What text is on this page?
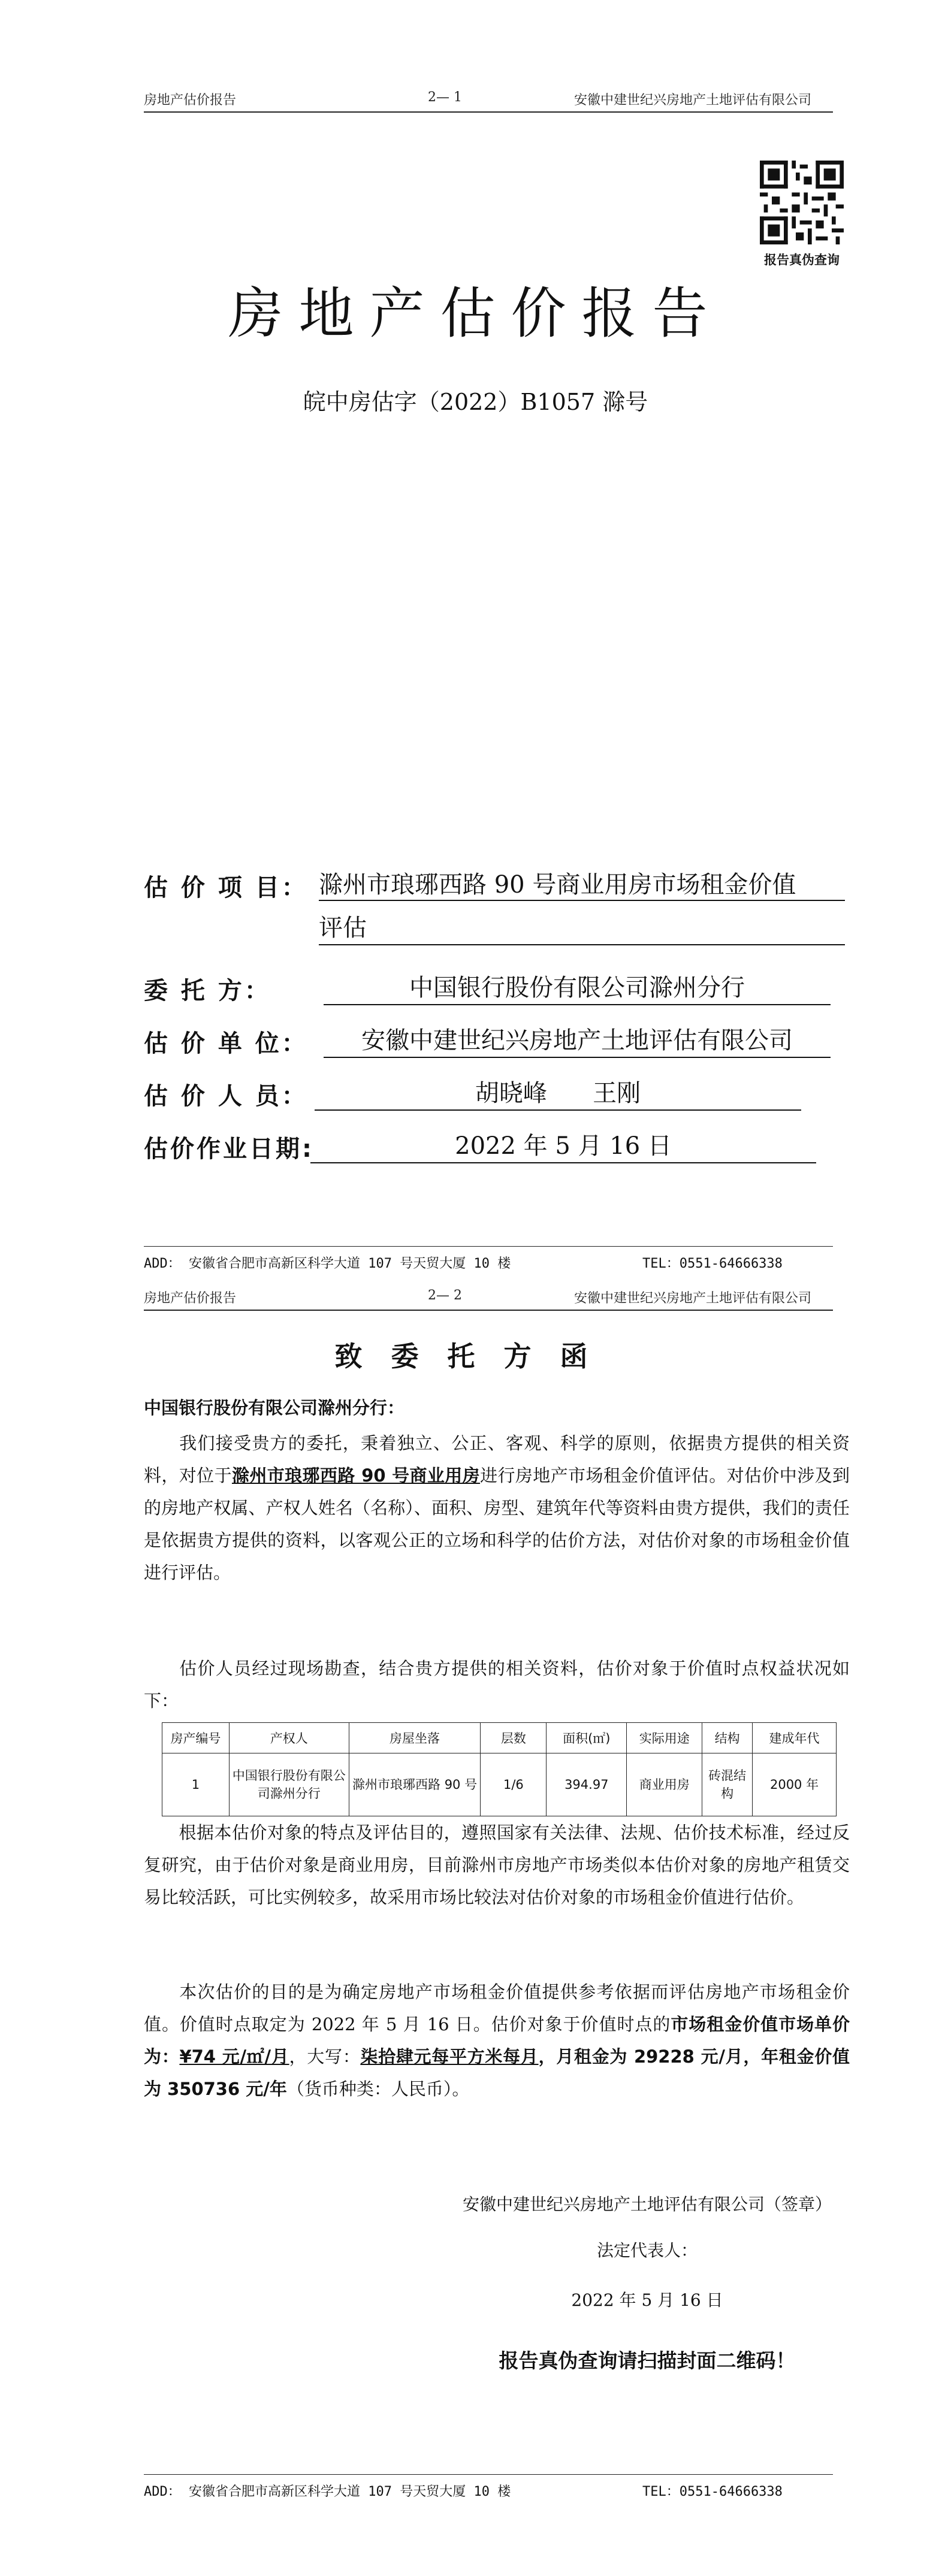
房地产估价报告	2— 1	安徽中建世纪兴房地产土地评估有限公司
报告真伪查询
房地产估价报告
皖中房估字（2022）B1057 滁号
估 价 项 目： 滁州市琅琊西路 90 号商业用房市场租金价值
评估
委 托 方：	中国银行股份有限公司滁州分行
估 价 单 位：	安徽中建世纪兴房地产土地评估有限公司
估 价 人 员：	胡晓峰      王刚
估价作业日期:	2022 年 5 月 16 日
ADD： 安徽省合肥市高新区科学大道 107 号天贸大厦 10 楼	TEL：0551-64666338
房地产估价报告	2— 2	安徽中建世纪兴房地产土地评估有限公司
致委托方函
中国银行股份有限公司滁州分行：
我们接受贵方的委托，秉着独立、公正、客观、科学的原则，依据贵方提供的相关资料，对位于滁州市琅琊西路 90 号商业用房进行房地产市场租金价值评估。对估价中涉及到的房地产权属、产权人姓名（名称）、面积、房型、建筑年代等资料由贵方提供，我们的责任是依据贵方提供的资料，以客观公正的立场和科学的估价方法，对估价对象的市场租金价值进行评估。
估价人员经过现场勘查，结合贵方提供的相关资料，估价对象于价值时点权益状况如下：
房产编号	产权人	房屋坐落	层数	面积(㎡)	实际用途	结构	建成年代
1	中国银行股份有限公司滁州分行	滁州市琅琊西路 90 号	1/6	394.97	商业用房	砖混结构	2000 年
根据本估价对象的特点及评估目的，遵照国家有关法律、法规、估价技术标准，经过反复研究，由于估价对象是商业用房，目前滁州市房地产市场类似本估价对象的房地产租赁交易比较活跃，可比实例较多，故采用市场比较法对估价对象的市场租金价值进行估价。
本次估价的目的是为确定房地产市场租金价值提供参考依据而评估房地产市场租金价值。价值时点取定为 2022 年 5 月 16 日。估价对象于价值时点的市场租金价值市场单价为：¥74 元/㎡/月，大写：柒拾肆元每平方米每月，月租金为 29228 元/月，年租金价值为 350736 元/年（货币种类：人民币）。
安徽中建世纪兴房地产土地评估有限公司（签章）
法定代表人：
2022 年 5 月 16 日
报告真伪查询请扫描封面二维码！
ADD： 安徽省合肥市高新区科学大道 107 号天贸大厦 10 楼	TEL：0551-64666338
